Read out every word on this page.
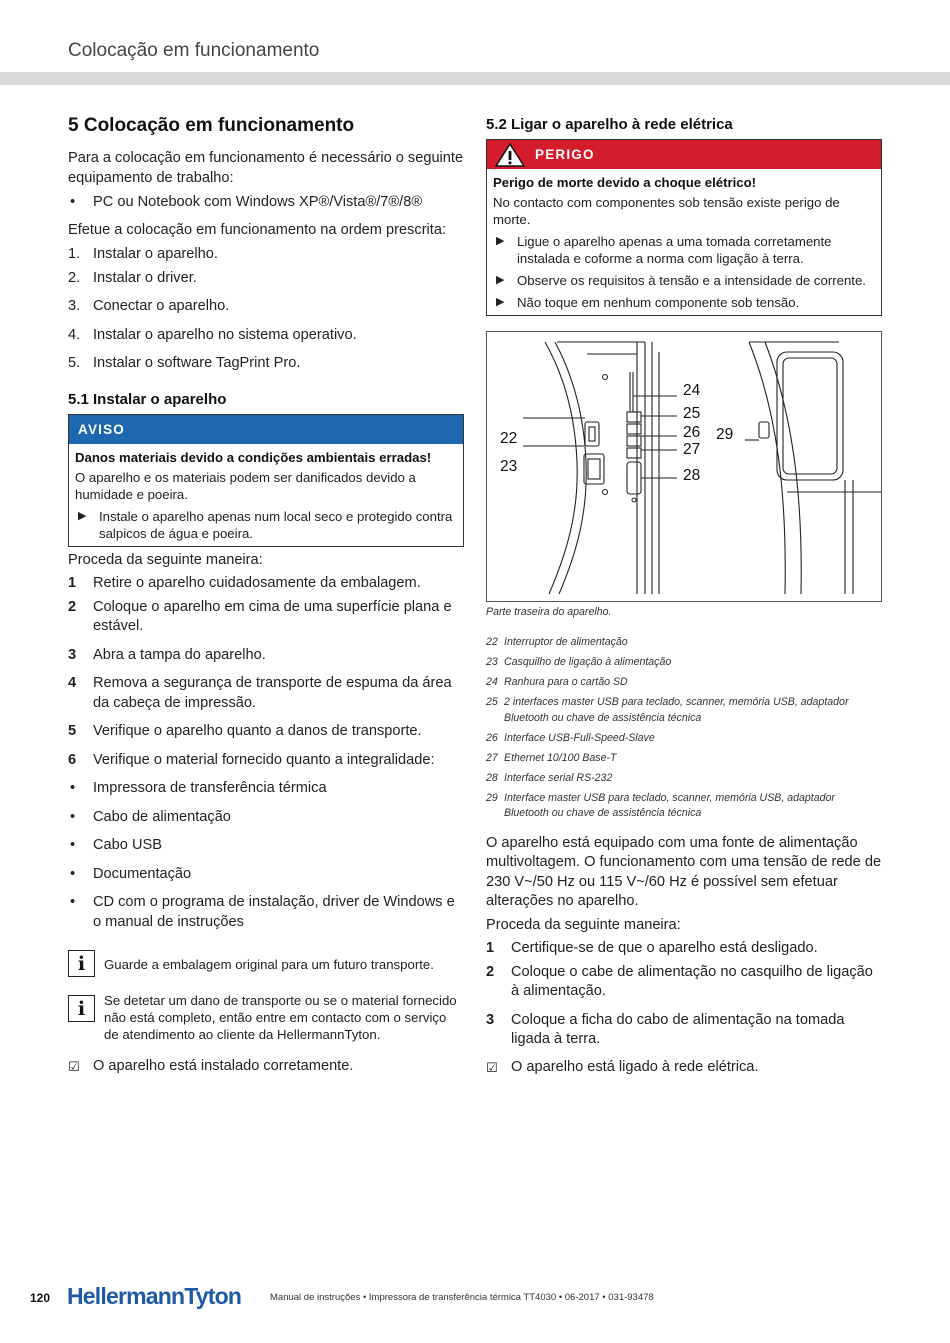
Colocação em funcionamento
5 Colocação em funcionamento
Para a colocação em funcionamento é necessário o seguinte equipamento de trabalho:
•	PC ou Notebook com Windows XP®/Vista®/7®/8®
Efetue a colocação em funcionamento na ordem prescrita:
1. Instalar o aparelho.
2. Instalar o driver.
3. Conectar o aparelho.
4. Instalar o aparelho no sistema operativo.
5. Instalar o software TagPrint Pro.
5.1 Instalar o aparelho
AVISO
Danos materiais devido a condições ambientais erradas!
O aparelho e os materiais podem ser danificados devido a humidade e poeira.
▶ Instale o aparelho apenas num local seco e protegido contra salpicos de água e poeira.
Proceda da seguinte maneira:
1	Retire o aparelho cuidadosamente da embalagem.
2	Coloque o aparelho em cima de uma superfície plana e estável.
3	Abra a tampa do aparelho.
4	Remova a segurança de transporte de espuma da área da cabeça de impressão.
5	Verifique o aparelho quanto a danos de transporte.
6	Verifique o material fornecido quanto a integralidade:
•	Impressora de transferência térmica
•	Cabo de alimentação
•	Cabo USB
•	Documentação
•	CD com o programa de instalação, driver de Windows e o manual de instruções
i	Guarde a embalagem original para um futuro transporte.
i	Se detetar um dano de transporte ou se o material fornecido não está completo, então entre em contacto com o serviço de atendimento ao cliente da HellermannTyton.
☑ O aparelho está instalado corretamente.
5.2 Ligar o aparelho à rede elétrica
PERIGO
Perigo de morte devido a choque elétrico!
No contacto com componentes sob tensão existe perigo de morte.
▶ Ligue o aparelho apenas a uma tomada corretamente instalada e coforme a norma com ligação à terra.
▶ Observe os requisitos à tensão e a intensidade de corrente.
▶ Não toque em nenhum componente sob tensão.
22
23
24
25
26
27
28
29
Parte traseira do aparelho.
22 Interruptor de alimentação
23 Casquilho de ligação à alimentação
24 Ranhura para o cartão SD
25 2 interfaces master USB para teclado, scanner, memória USB, adaptador Bluetooth ou chave de assistência técnica
26 Interface USB-Full-Speed-Slave
27 Ethernet 10/100 Base-T
28 Interface serial RS-232
29 Interface master USB para teclado, scanner, memória USB, adaptador Bluetooth ou chave de assistência técnica
O aparelho está equipado com uma fonte de alimentação multivoltagem. O funcionamento com uma tensão de rede de 230 V~/50 Hz ou 115 V~/60 Hz é possível sem efetuar alterações no aparelho.
Proceda da seguinte maneira:
1	Certifique-se de que o aparelho está desligado.
2	Coloque o cabe de alimentação no casquilho de ligação à alimentação.
3	Coloque a ficha do cabo de alimentação na tomada ligada à terra.
☑ O aparelho está ligado à rede elétrica.
120 HellermannTyton	Manual de instruções • Impressora de transferência térmica TT4030 • 06-2017 • 031-93478
